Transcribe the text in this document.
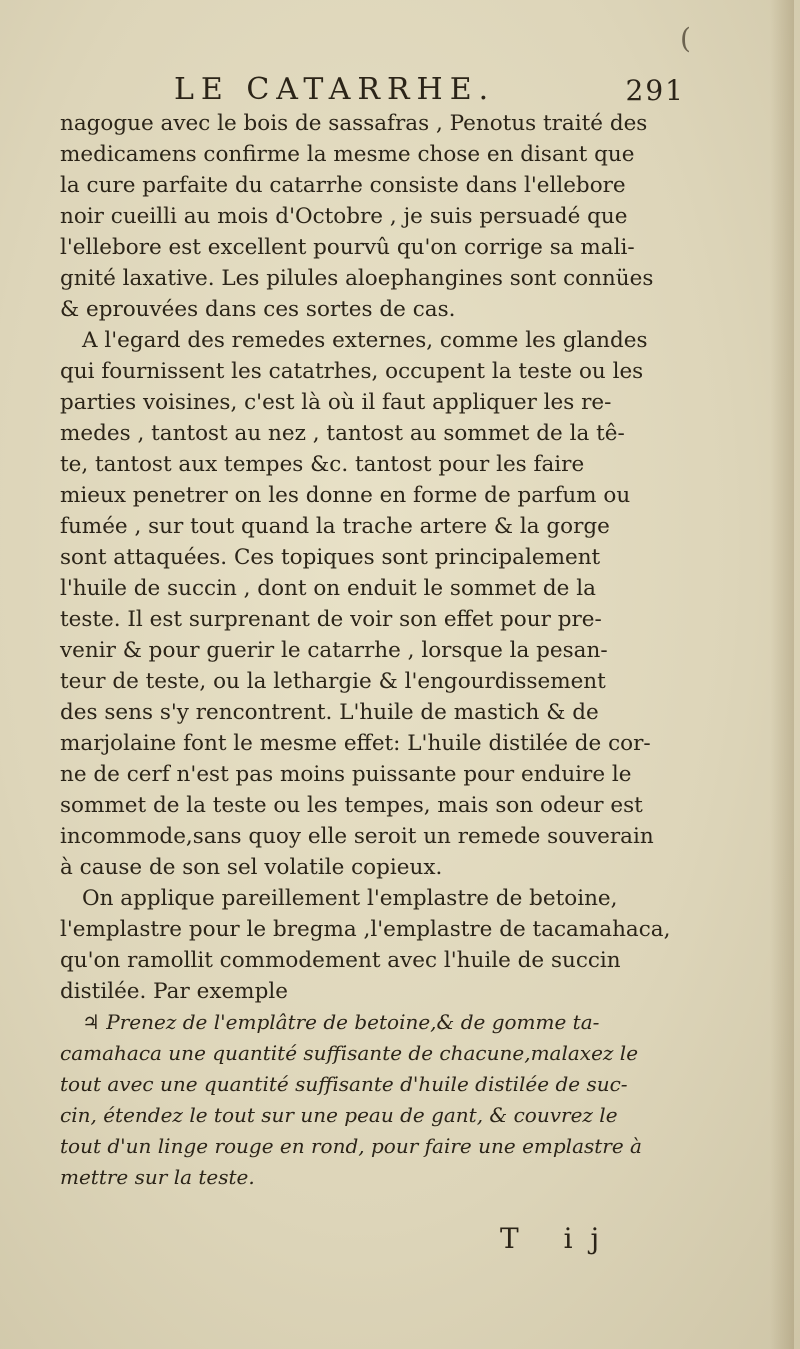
(
LE CATARRHE.	291
nagogue avec le bois de sassafras , Penotus traité des
medicamens confirme la mesme chose en disant que
la cure parfaite du catarrhe consiste dans l'ellebore
noir cueilli au mois d'Octobre , je suis persuadé que
l'ellebore est excellent pourvû qu'on corrige sa mali-
gnité laxative. Les pilules aloephangines sont connües
& eprouvées dans ces sortes de cas.
A l'egard des remedes externes, comme les glandes
qui fournissent les catatrhes, occupent la teste ou les
parties voisines, c'est là où il faut appliquer les re-
medes , tantost au nez , tantost au sommet de la tê-
te, tantost aux tempes &c. tantost pour les faire
mieux penetrer on les donne en forme de parfum ou
fumée , sur tout quand la trache artere & la gorge
sont attaquées. Ces topiques sont principalement
l'huile de succin , dont on enduit le sommet de la
teste. Il est surprenant de voir son effet pour pre-
venir & pour guerir le catarrhe , lorsque la pesan-
teur de teste, ou la lethargie & l'engourdissement
des sens s'y rencontrent. L'huile de mastich & de
marjolaine font le mesme effet: L'huile distilée de cor-
ne de cerf n'est pas moins puissante pour enduire le
sommet de la teste ou les tempes, mais son odeur est
incommode,sans quoy elle seroit un remede souverain
à cause de son sel volatile copieux.
On applique pareillement l'emplastre de betoine,
l'emplastre pour le bregma ,l'emplastre de tacamahaca,
qu'on ramollit commodement avec l'huile de succin
distilée. Par exemple
♃ Prenez de l'emplâtre de betoine,& de gomme ta-
camahaca une quantité suffisante de chacune,malaxez le
tout avec une quantité suffisante d'huile distilée de suc-
cin, étendez le tout sur une peau de gant, & couvrez le
tout d'un linge rouge en rond, pour faire une emplastre à
mettre sur la teste.
T ij
